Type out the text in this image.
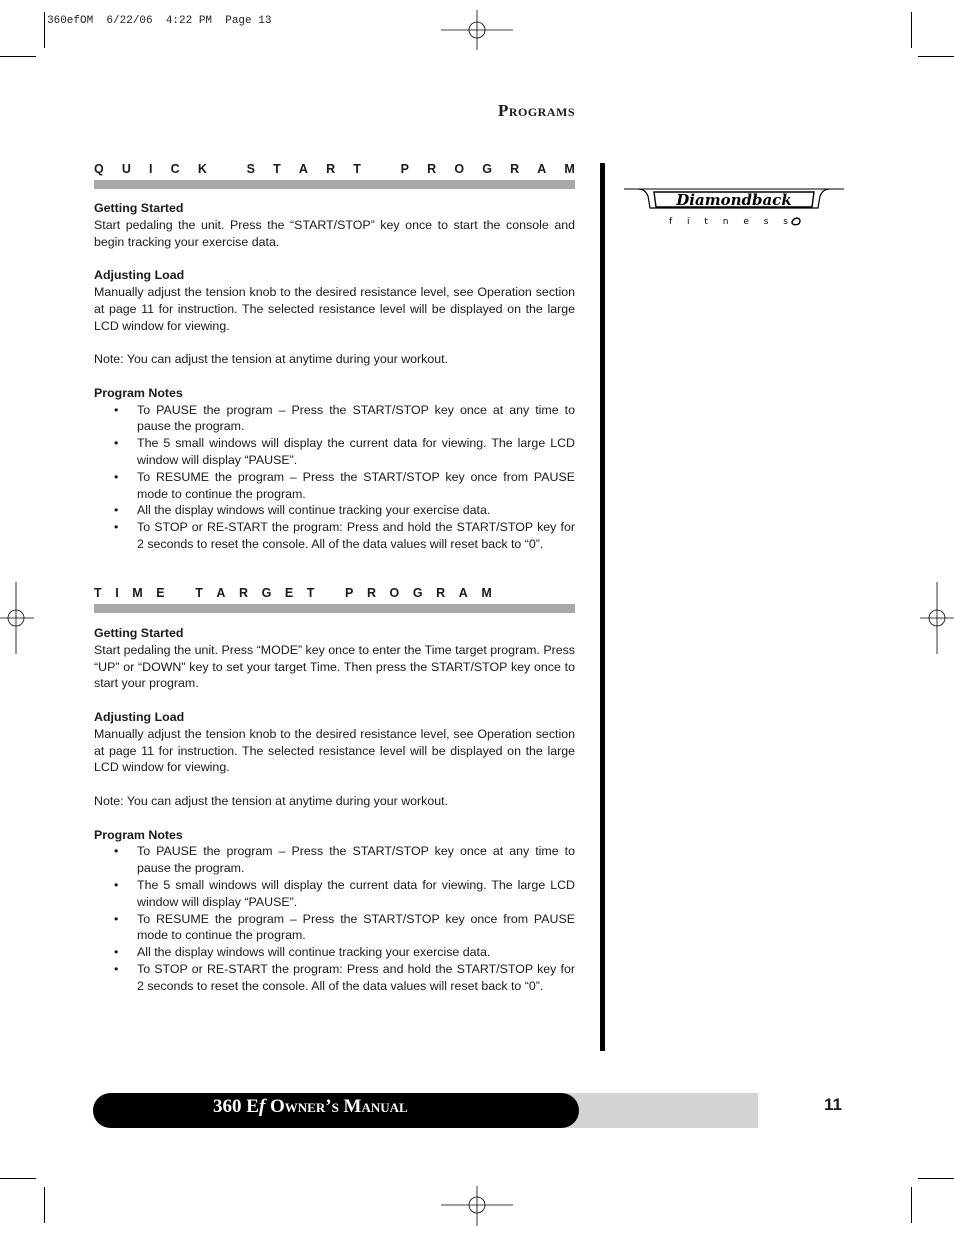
360efOM  6/22/06  4:22 PM  Page 13
Programs
Q U I C K
	S T A R T
	P R O G R A M
Getting Started

Start pedaling the unit. Press the “START/STOP” key once to start the console and begin tracking your exercise data.

Adjusting Load

Manually adjust the tension knob to the desired resistance level, see Operation section at page 11 for instruction. The selected resistance level will be displayed on the large LCD window for viewing.

Note: You can adjust the tension at anytime during your workout.

Program Notes
• To PAUSE the program – Press the START/STOP key once at any time to pause the program.
• The 5 small windows will display the current data for viewing. The large LCD window will display “PAUSE”.
• To RESUME the program – Press the START/STOP key once from PAUSE mode to continue the program.
• All the display windows will continue tracking your exercise data.
• To STOP or RE-START the program: Press and hold the START/STOP key for 2 seconds to reset the console. All of the data values will reset back to “0”.
T I M E
T A R G E T
P R O G R A M
Getting Started

Start pedaling the unit. Press “MODE” key once to enter the Time target program. Press “UP” or “DOWN” key to set your target Time. Then press the START/STOP key once to start your program.

Adjusting Load

Manually adjust the tension knob to the desired resistance level, see Operation section at page 11 for instruction. The selected resistance level will be displayed on the large LCD window for viewing.

Note: You can adjust the tension at anytime during your workout.

Program Notes
• To PAUSE the program – Press the START/STOP key once at any time to pause the program.
• The 5 small windows will display the current data for viewing. The large LCD window will display “PAUSE”.
• To RESUME the program – Press the START/STOP key once from PAUSE mode to continue the program.
• All the display windows will continue tracking your exercise data.
• To STOP or RE-START the program: Press and hold the START/STOP key for 2 seconds to reset the console. All of the data values will reset back to “0”.
Diamondback
f i t n e s s
360 Ef Owner’s Manual	11
